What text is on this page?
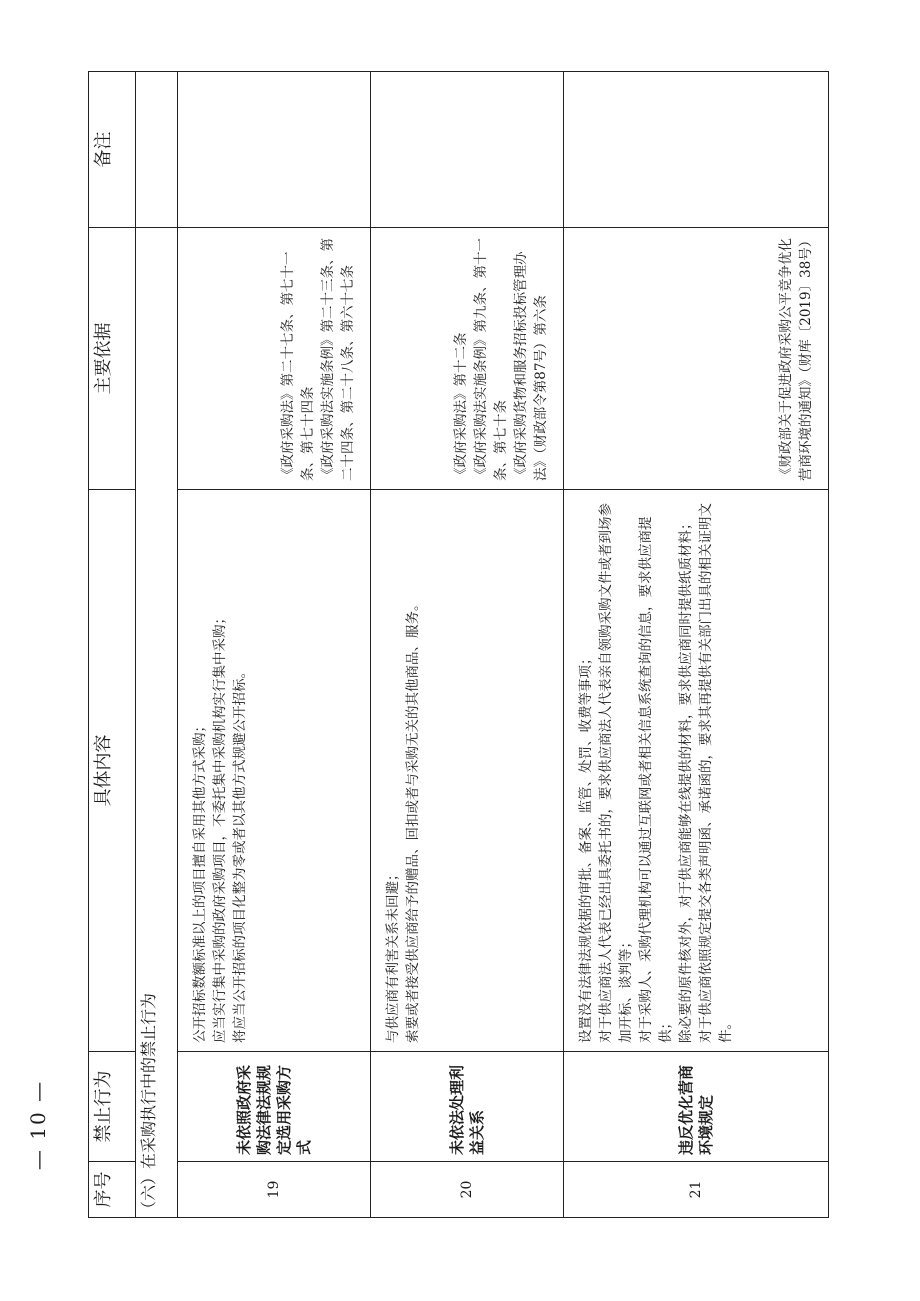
— 10 —
序号	禁止行为	具体内容	主要依据	备注
（六）在采购执行中的禁止行为				
19	未依照政府采购法律法规规定选用采购方式	公开招标数额标准以上的项目擅自采用其他方式采购； 应当实行集中采购的政府采购项目，不委托集中采购机构实行集中采购； 将应当公开招标的项目化整为零或者以其他方式规避公开招标。	《政府采购法》第二十七条、第七十一条、第七十四条 《政府采购法实施条例》第二十三条、第二十四条、第二十八条、第六十七条	

20	未依法处理利益关系	与供应商有利害关系未回避； 索要或者接受供应商给予的赠品、回扣或者与采购无关的其他商品、服务。	《政府采购法》第十二条 《政府采购法实施条例》第九条、第十一条、第七十条 《政府采购货物和服务招标投标管理办法》（财政部令第87号）第六条	

21	违反优化营商环境规定	设置没有法律法规依据的审批、备案、监管、处罚、收费等事项； 对于供应商法人代表已经出具委托书的，要求供应商法人代表亲自领购采购文件或者到场参加开标、谈判等； 对于采购人、采购代理机构可以通过互联网或者相关信息系统查询的信息，要求供应商提供； 除必要的原件核对外，对于供应商能够在线提供的材料，要求供应商同时提供纸质材料； 对于供应商依照规定提交各类声明函、承诺函的，要求其再提供有关部门出具的相关证明文件。	《财政部关于促进政府采购公平竞争优化营商环境的通知》（财库〔2019〕38号）	
